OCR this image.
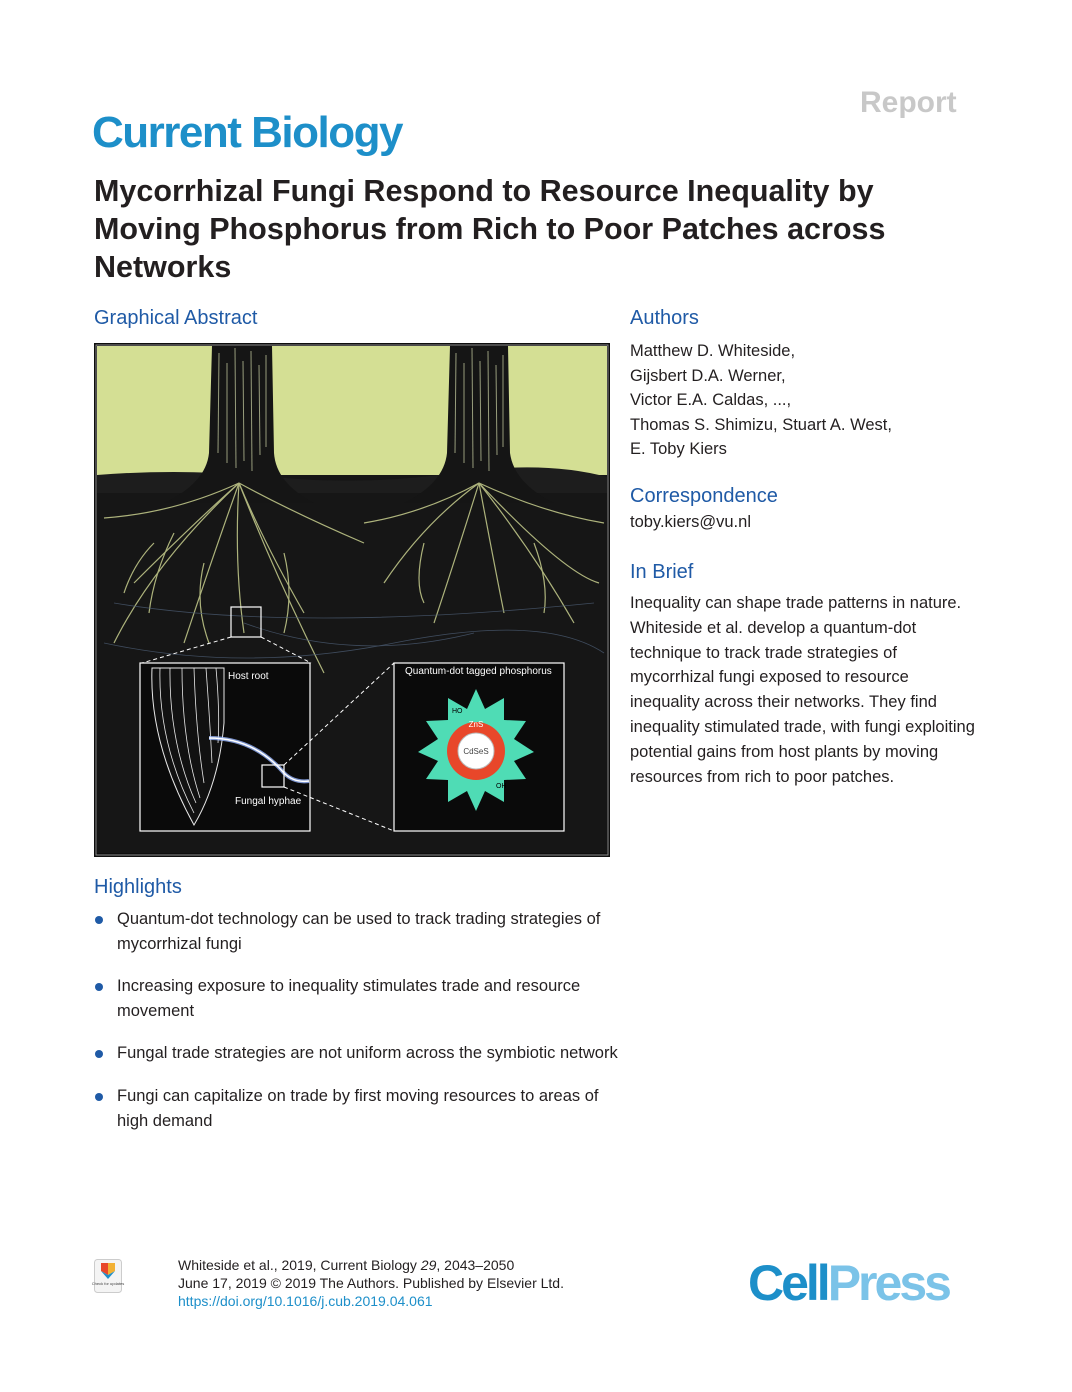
Report
Current Biology
Mycorrhizal Fungi Respond to Resource Inequality by Moving Phosphorus from Rich to Poor Patches across Networks
Graphical Abstract
Host root
Fungal hyphae
Quantum-dot tagged phosphorus
ZnS
CdSeS
HO
OH
Authors
Matthew D. Whiteside,
Gijsbert D.A. Werner,
Victor E.A. Caldas, ...,
Thomas S. Shimizu, Stuart A. West,
E. Toby Kiers
Correspondence
toby.kiers@vu.nl
In Brief
Inequality can shape trade patterns in nature. Whiteside et al. develop a quantum-dot technique to track trade strategies of mycorrhizal fungi exposed to resource inequality across their networks. They find inequality stimulated trade, with fungi exploiting potential gains from host plants by moving resources from rich to poor patches.
Highlights
Quantum-dot technology can be used to track trading strategies of mycorrhizal fungi
Increasing exposure to inequality stimulates trade and resource movement
Fungal trade strategies are not uniform across the symbiotic network
Fungi can capitalize on trade by first moving resources to areas of high demand
Check for updates
Whiteside et al., 2019, Current Biology 29, 2043–2050
June 17, 2019 © 2019 The Authors. Published by Elsevier Ltd.
https://doi.org/10.1016/j.cub.2019.04.061	CellPress
